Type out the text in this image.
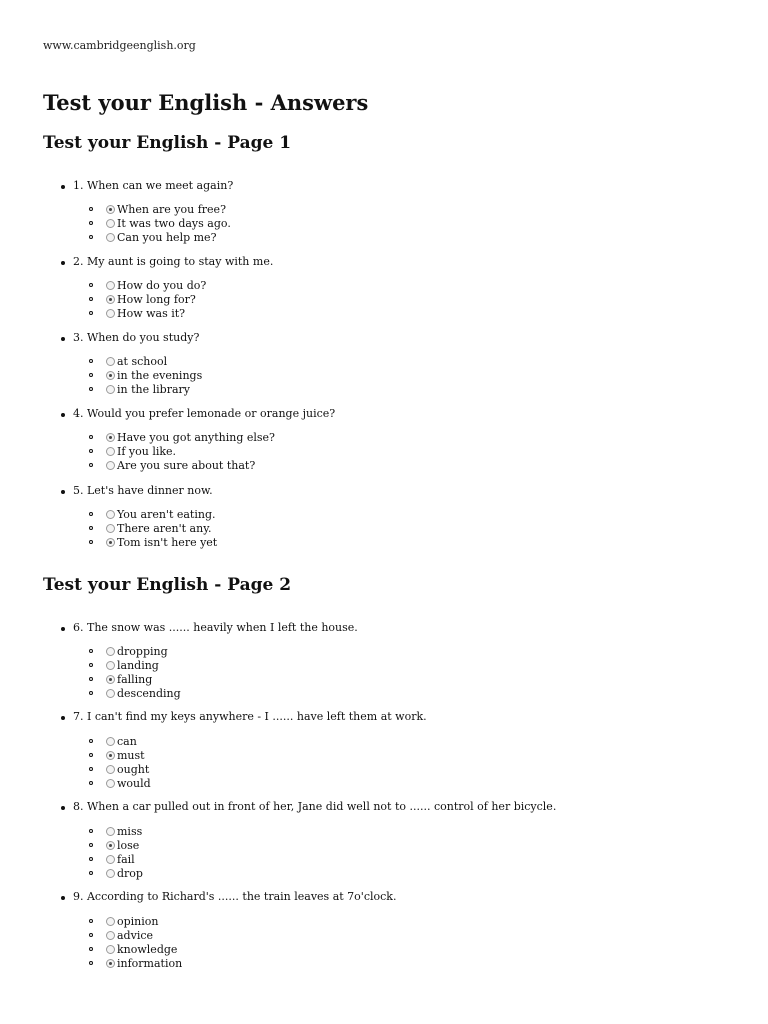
www.cambridgeenglish.org
Test your English - Answers
Test your English - Page 1
1. When can we meet again?
When are you free?
It was two days ago.
Can you help me?
2. My aunt is going to stay with me.
How do you do?
How long for?
How was it?
3. When do you study?
at school
in the evenings
in the library
4. Would you prefer lemonade or orange juice?
Have you got anything else?
If you like.
Are you sure about that?
5. Let's have dinner now.
You aren't eating.
There aren't any.
Tom isn't here yet
Test your English - Page 2
6. The snow was ...... heavily when I left the house.
dropping
landing
falling
descending
7. I can't find my keys anywhere - I ...... have left them at work.
can
must
ought
would
8. When a car pulled out in front of her, Jane did well not to ...... control of her bicycle.
miss
lose
fail
drop
9. According to Richard's ...... the train leaves at 7o'clock.
opinion
advice
knowledge
information
